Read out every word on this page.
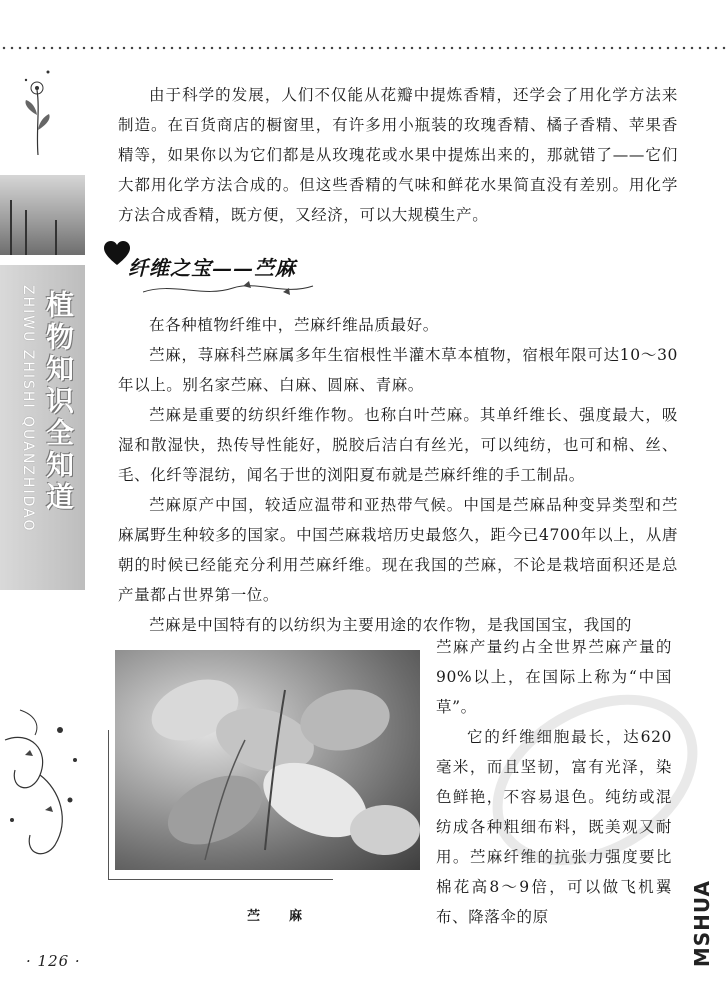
ZHIWU ZHISHI QUANZHIDAO 植物知识全知道

由于科学的发展，人们不仅能从花瓣中提炼香精，还学会了用化学方法来制造。在百货商店的橱窗里，有许多用小瓶装的玫瑰香精、橘子香精、苹果香精等，如果你以为它们都是从玫瑰花或水果中提炼出来的，那就错了——它们大都用化学方法合成的。但这些香精的气味和鲜花水果简直没有差别。用化学方法合成香精，既方便，又经济，可以大规模生产。

纤维之宝——苎麻

在各种植物纤维中，苎麻纤维品质最好。

苎麻，荨麻科苎麻属多年生宿根性半灌木草本植物，宿根年限可达10～30年以上。别名家苎麻、白麻、圆麻、青麻。

苎麻是重要的纺织纤维作物。也称白叶苎麻。其单纤维长、强度最大，吸湿和散湿快，热传导性能好，脱胶后洁白有丝光，可以纯纺，也可和棉、丝、毛、化纤等混纺，闻名于世的浏阳夏布就是苎麻纤维的手工制品。

苎麻原产中国，较适应温带和亚热带气候。中国是苎麻品种变异类型和苎麻属野生种较多的国家。中国苎麻栽培历史最悠久，距今已4700年以上，从唐朝的时候已经能充分利用苎麻纤维。现在我国的苎麻，不论是栽培面积还是总产量都占世界第一位。

苎麻是中国特有的以纺织为主要用途的农作物，是我国国宝，我国的

苎　麻

苎麻产量约占全世界苎麻产量的90%以上，在国际上称为“中国草”。

它的纤维细胞最长，达620毫米，而且坚韧，富有光泽，染色鲜艳，不容易退色。纯纺或混纺成各种粗细布料，既美观又耐用。苎麻纤维的抗张力强度要比棉花高8～9倍，可以做飞机翼布、降落伞的原

· 126 ·	MSHUA
